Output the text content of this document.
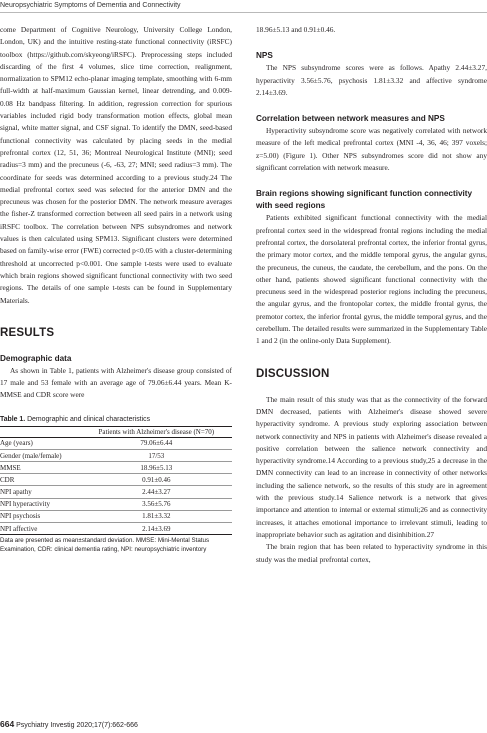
Neuropsychiatric Symptoms of Dementia and Connectivity

come Department of Cognitive Neurology, University College London, London, UK) and the intuitive resting-state functional connectivity (iRSFC) toolbox (https://github.com/skyeong/iRSFC). Preprocessing steps included discarding of the first 4 volumes, slice time correction, realignment, normalization to SPM12 echo-planar imaging template, smoothing with 6-mm full-width at half-maximum Gaussian kernel, linear detrending, and 0.009-0.08 Hz bandpass filtering. In addition, regression correction for spurious variables included rigid body transformation motion effects, global mean signal, white matter signal, and CSF signal. To identify the DMN, seed-based functional connectivity was calculated by placing seeds in the medial prefrontal cortex (12, 51, 36; Montreal Neurological Institute (MNI); seed radius=3 mm) and the precuneus (-6, -63, 27; MNI; seed radius=3 mm). The coordinate for seeds was determined according to a previous study.24 The medial prefrontal cortex seed was selected for the anterior DMN and the precuneus was chosen for the posterior DMN. The network measure averages the fisher-Z transformed correction between all seed pairs in a network using iRSFC toolbox. The correlation between NPS subsyndromes and network values is then calculated using SPM13. Significant clusters were determined based on family-wise error (FWE) corrected p<0.05 with a cluster-determining threshold at uncorrected p<0.001. One sample t-tests were used to evaluate which brain regions showed significant functional connectivity with two seed regions. The details of one sample t-tests can be found in Supplementary Materials.

RESULTS
Demographic data

As shown in Table 1, patients with Alzheimer's disease group consisted of 17 male and 53 female with an average age of 79.06±6.44 years. Mean K-MMSE and CDR score were

Table 1. Demographic and clinical characteristics
	Patients with Alzheimer's disease (N=70)
Age (years)	79.06±6.44
Gender (male/female)	17/53
MMSE	18.96±5.13
CDR	0.91±0.46
NPI apathy	2.44±3.27
NPI hyperactivity	3.56±5.76
NPI psychosis	1.81±3.32
NPI affective	2.14±3.69
Data are presented as mean±standard deviation. MMSE: Mini-Mental Status Examination, CDR: clinical dementia rating, NPI: neuropsychiatric inventory

18.96±5.13 and 0.91±0.46.

NPS

The NPS subsyndrome scores were as follows. Apathy 2.44±3.27, hyperactivity 3.56±5.76, psychosis 1.81±3.32 and affective syndrome 2.14±3.69.

Correlation between network measures and NPS

Hyperactivity subsyndrome score was negatively correlated with network measure of the left medical prefrontal cortex (MNI -4, 36, 46; 397 voxels; z=5.00) (Figure 1). Other NPS subsyndromes score did not show any significant correlation with network measure.

Brain regions showing significant function connectivity with seed regions

Patients exhibited significant functional connectivity with the medial prefrontal cortex seed in the widespread frontal regions including the medial prefrontal cortex, the dorsolateral prefrontal cortex, the inferior frontal gyrus, the primary motor cortex, and the middle temporal gyrus, the angular gyrus, the precuneus, the cuneus, the caudate, the cerebellum, and the pons. On the other hand, patients showed significant functional connectivity with the precuneus seed in the widespread posterior regions including the precuneus, the angular gyrus, and the frontopolar cortex, the middle frontal gyrus, the premotor cortex, the inferior frontal gyrus, the middle temporal gyrus, and the cerebellum. The detailed results were summarized in the Supplementary Table 1 and 2 (in the online-only Data Supplement).

DISCUSSION

The main result of this study was that as the connectivity of the forward DMN decreased, patients with Alzheimer's disease showed severe hyperactivity syndrome. A previous study exploring association between network connectivity and NPS in patients with Alzheimer's disease revealed a positive correlation between the salience network connectivity and hyperactivity syndrome.14 According to a previous study,25 a decrease in the DMN connectivity can lead to an increase in connectivity of other networks including the salience network, so the results of this study are in agreement with the previous study.14 Salience network is a network that gives importance and attention to internal or external stimuli;26 and as connectivity increases, it attaches emotional importance to irrelevant stimuli, leading to inappropriate behavior such as agitation and disinhibition.27

The brain region that has been related to hyperactivity syndrome in this study was the medial prefrontal cortex,

664 Psychiatry Investig 2020;17(7):662-666
